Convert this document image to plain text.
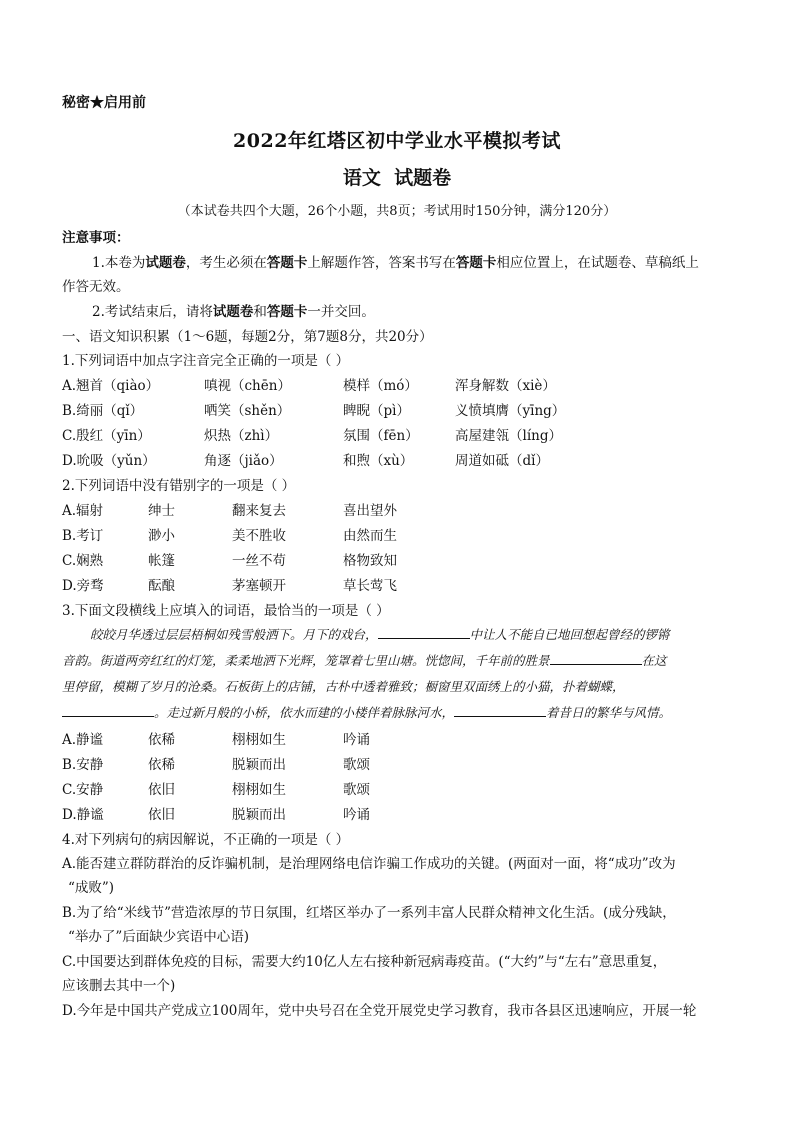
秘密★启用前
2022年红塔区初中学业水平模拟考试
语文  试题卷
（本试卷共四个大题，26个小题，共8页；考试用时150分钟，满分120分）
注意事项：
1.本卷为试题卷，考生必须在答题卡上解题作答，答案书写在答题卡相应位置上，在试题卷、草稿纸上
作答无效。
2.考试结束后，请将试题卷和答题卡一并交回。
一、语文知识积累（1～6题，每题2分，第7题8分，共20分）
1.下列词语中加点字注音完全正确的一项是（ ）
A.翘首（qiào）	嗔视（chēn）	模样（mó）	浑身解数（xiè）
B.绮丽（qǐ）	哂笑（shěn）	睥睨（pì）	义愤填膺（yīng）
C.殷红（yīn）	炽热（zhì）	氛围（fēn）	高屋建瓴（líng）
D.吮吸（yǔn）	角逐（jiǎo）	和煦（xù）	周道如砥（dǐ）
2.下列词语中没有错别字的一项是（ ）
A.辐射	绅士	翻来复去	喜出望外
B.考订	渺小	美不胜收	由然而生
C.娴熟	帐篷	一丝不苟	格物致知
D.旁骛	酝酿	茅塞顿开	草长莺飞
3.下面文段横线上应填入的词语，最恰当的一项是（ ）
皎皎月华透过层层梧桐如残雪般洒下。月下的戏台，	中让人不能自已地回想起曾经的锣锵
音韵。街道两旁红红的灯笼，柔柔地洒下光辉，笼罩着七里山塘。恍惚间，千年前的胜景	在这
里停留，模糊了岁月的沧桑。石板街上的店铺，古朴中透着雅致；橱窗里双面绣上的小猫，扑着蝴蝶，
。走过新月般的小桥，依水而建的小楼伴着脉脉河水，	着昔日的繁华与风情。
A.静谧	依稀	栩栩如生	吟诵
B.安静	依稀	脱颖而出	歌颂
C.安静	依旧	栩栩如生	歌颂
D.静谧	依旧	脱颖而出	吟诵
4.对下列病句的病因解说，不正确的一项是（ ）
A.能否建立群防群治的反诈骗机制，是治理网络电信诈骗工作成功的关键。(两面对一面，将“成功”改为
“成败”)
B.为了给“米线节”营造浓厚的节日氛围，红塔区举办了一系列丰富人民群众精神文化生活。(成分残缺，
“举办了”后面缺少宾语中心语)
C.中国要达到群体免疫的目标，需要大约10亿人左右接种新冠病毒疫苗。(“大约”与“左右”意思重复，
应该删去其中一个)
D.今年是中国共产党成立100周年，党中央号召在全党开展党史学习教育，我市各县区迅速响应，开展一轮
